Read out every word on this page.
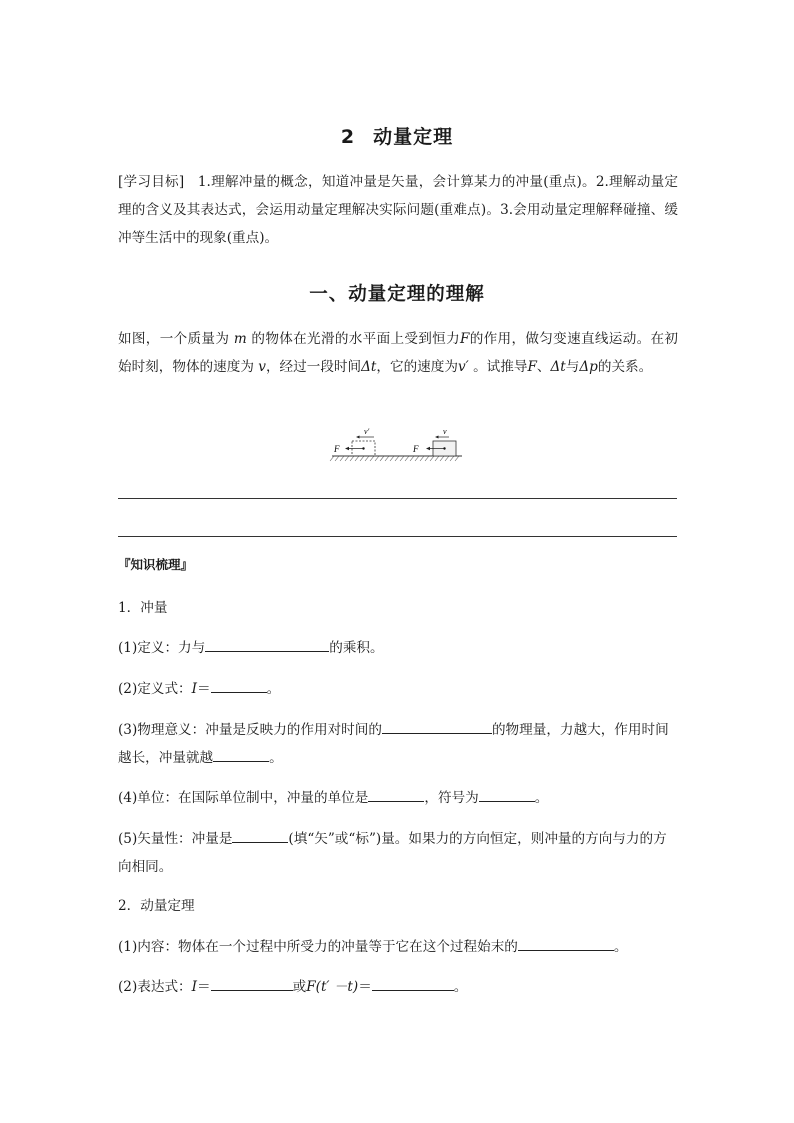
2 动量定理
[学习目标] 1.理解冲量的概念，知道冲量是矢量，会计算某力的冲量(重点)。2.理解动量定理的含义及其表达式，会运用动量定理解决实际问题(重难点)。3.会用动量定理解释碰撞、缓冲等生活中的现象(重点)。
一、动量定理的理解
如图，一个质量为 m 的物体在光滑的水平面上受到恒力F的作用，做匀变速直线运动。在初始时刻，物体的速度为 v，经过一段时间Δt，它的速度为v′ 。试推导F、Δt与Δp的关系。
F
v′
F
v
『知识梳理』
1．冲量
(1)定义：力与	的乘积。
(2)定义式：I＝	。
(3)物理意义：冲量是反映力的作用对时间的	的物理量，力越大，作用时间越长，冲量就越	。
(4)单位：在国际单位制中，冲量的单位是	，符号为	。
(5)矢量性：冲量是	(填“矢”或“标”)量。如果力的方向恒定，则冲量的方向与力的方向相同。
2．动量定理
(1)内容：物体在一个过程中所受力的冲量等于它在这个过程始末的	。
(2)表达式：I＝	或F(t′ －t)＝	。
